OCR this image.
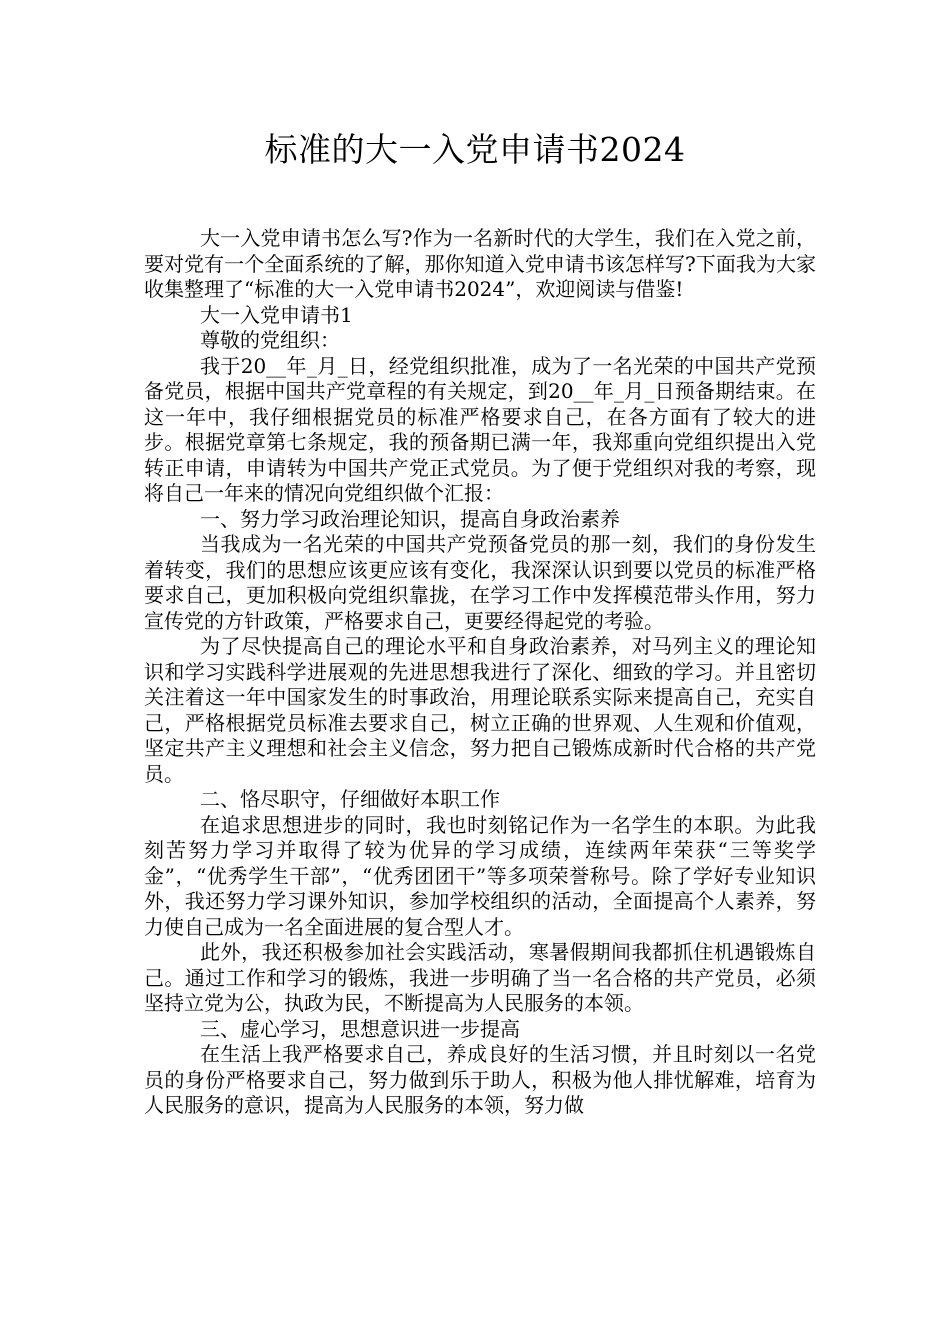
标准的大一入党申请书2024

大一入党申请书怎么写?作为一名新时代的大学生，我们在入党之前，要对党有一个全面系统的了解，那你知道入党申请书该怎样写?下面我为大家收集整理了“标准的大一入党申请书2024”，欢迎阅读与借鉴!

大一入党申请书1

尊敬的党组织：

我于20__年_月_日，经党组织批准，成为了一名光荣的中国共产党预备党员，根据中国共产党章程的有关规定，到20__年_月_日预备期结束。在这一年中，我仔细根据党员的标准严格要求自己，在各方面有了较大的进步。根据党章第七条规定，我的预备期已满一年，我郑重向党组织提出入党转正申请，申请转为中国共产党正式党员。为了便于党组织对我的考察，现将自己一年来的情况向党组织做个汇报：

一、努力学习政治理论知识，提高自身政治素养

当我成为一名光荣的中国共产党预备党员的那一刻，我们的身份发生着转变，我们的思想应该更应该有变化，我深深认识到要以党员的标准严格要求自己，更加积极向党组织靠拢，在学习工作中发挥模范带头作用，努力宣传党的方针政策，严格要求自己，更要经得起党的考验。

为了尽快提高自己的理论水平和自身政治素养，对马列主义的理论知识和学习实践科学进展观的先进思想我进行了深化、细致的学习。并且密切关注着这一年中国家发生的时事政治，用理论联系实际来提高自己，充实自己，严格根据党员标准去要求自己，树立正确的世界观、人生观和价值观，坚定共产主义理想和社会主义信念，努力把自己锻炼成新时代合格的共产党员。

二、恪尽职守，仔细做好本职工作

在追求思想进步的同时，我也时刻铭记作为一名学生的本职。为此我刻苦努力学习并取得了较为优异的学习成绩，连续两年荣获“三等奖学金”，“优秀学生干部”，“优秀团团干”等多项荣誉称号。除了学好专业知识外，我还努力学习课外知识，参加学校组织的活动，全面提高个人素养，努力使自己成为一名全面进展的复合型人才。

此外，我还积极参加社会实践活动，寒暑假期间我都抓住机遇锻炼自己。通过工作和学习的锻炼，我进一步明确了当一名合格的共产党员，必须坚持立党为公，执政为民，不断提高为人民服务的本领。

三、虚心学习，思想意识进一步提高

在生活上我严格要求自己，养成良好的生活习惯，并且时刻以一名党员的身份严格要求自己，努力做到乐于助人，积极为他人排忧解难，培育为人民服务的意识，提高为人民服务的本领，努力做
